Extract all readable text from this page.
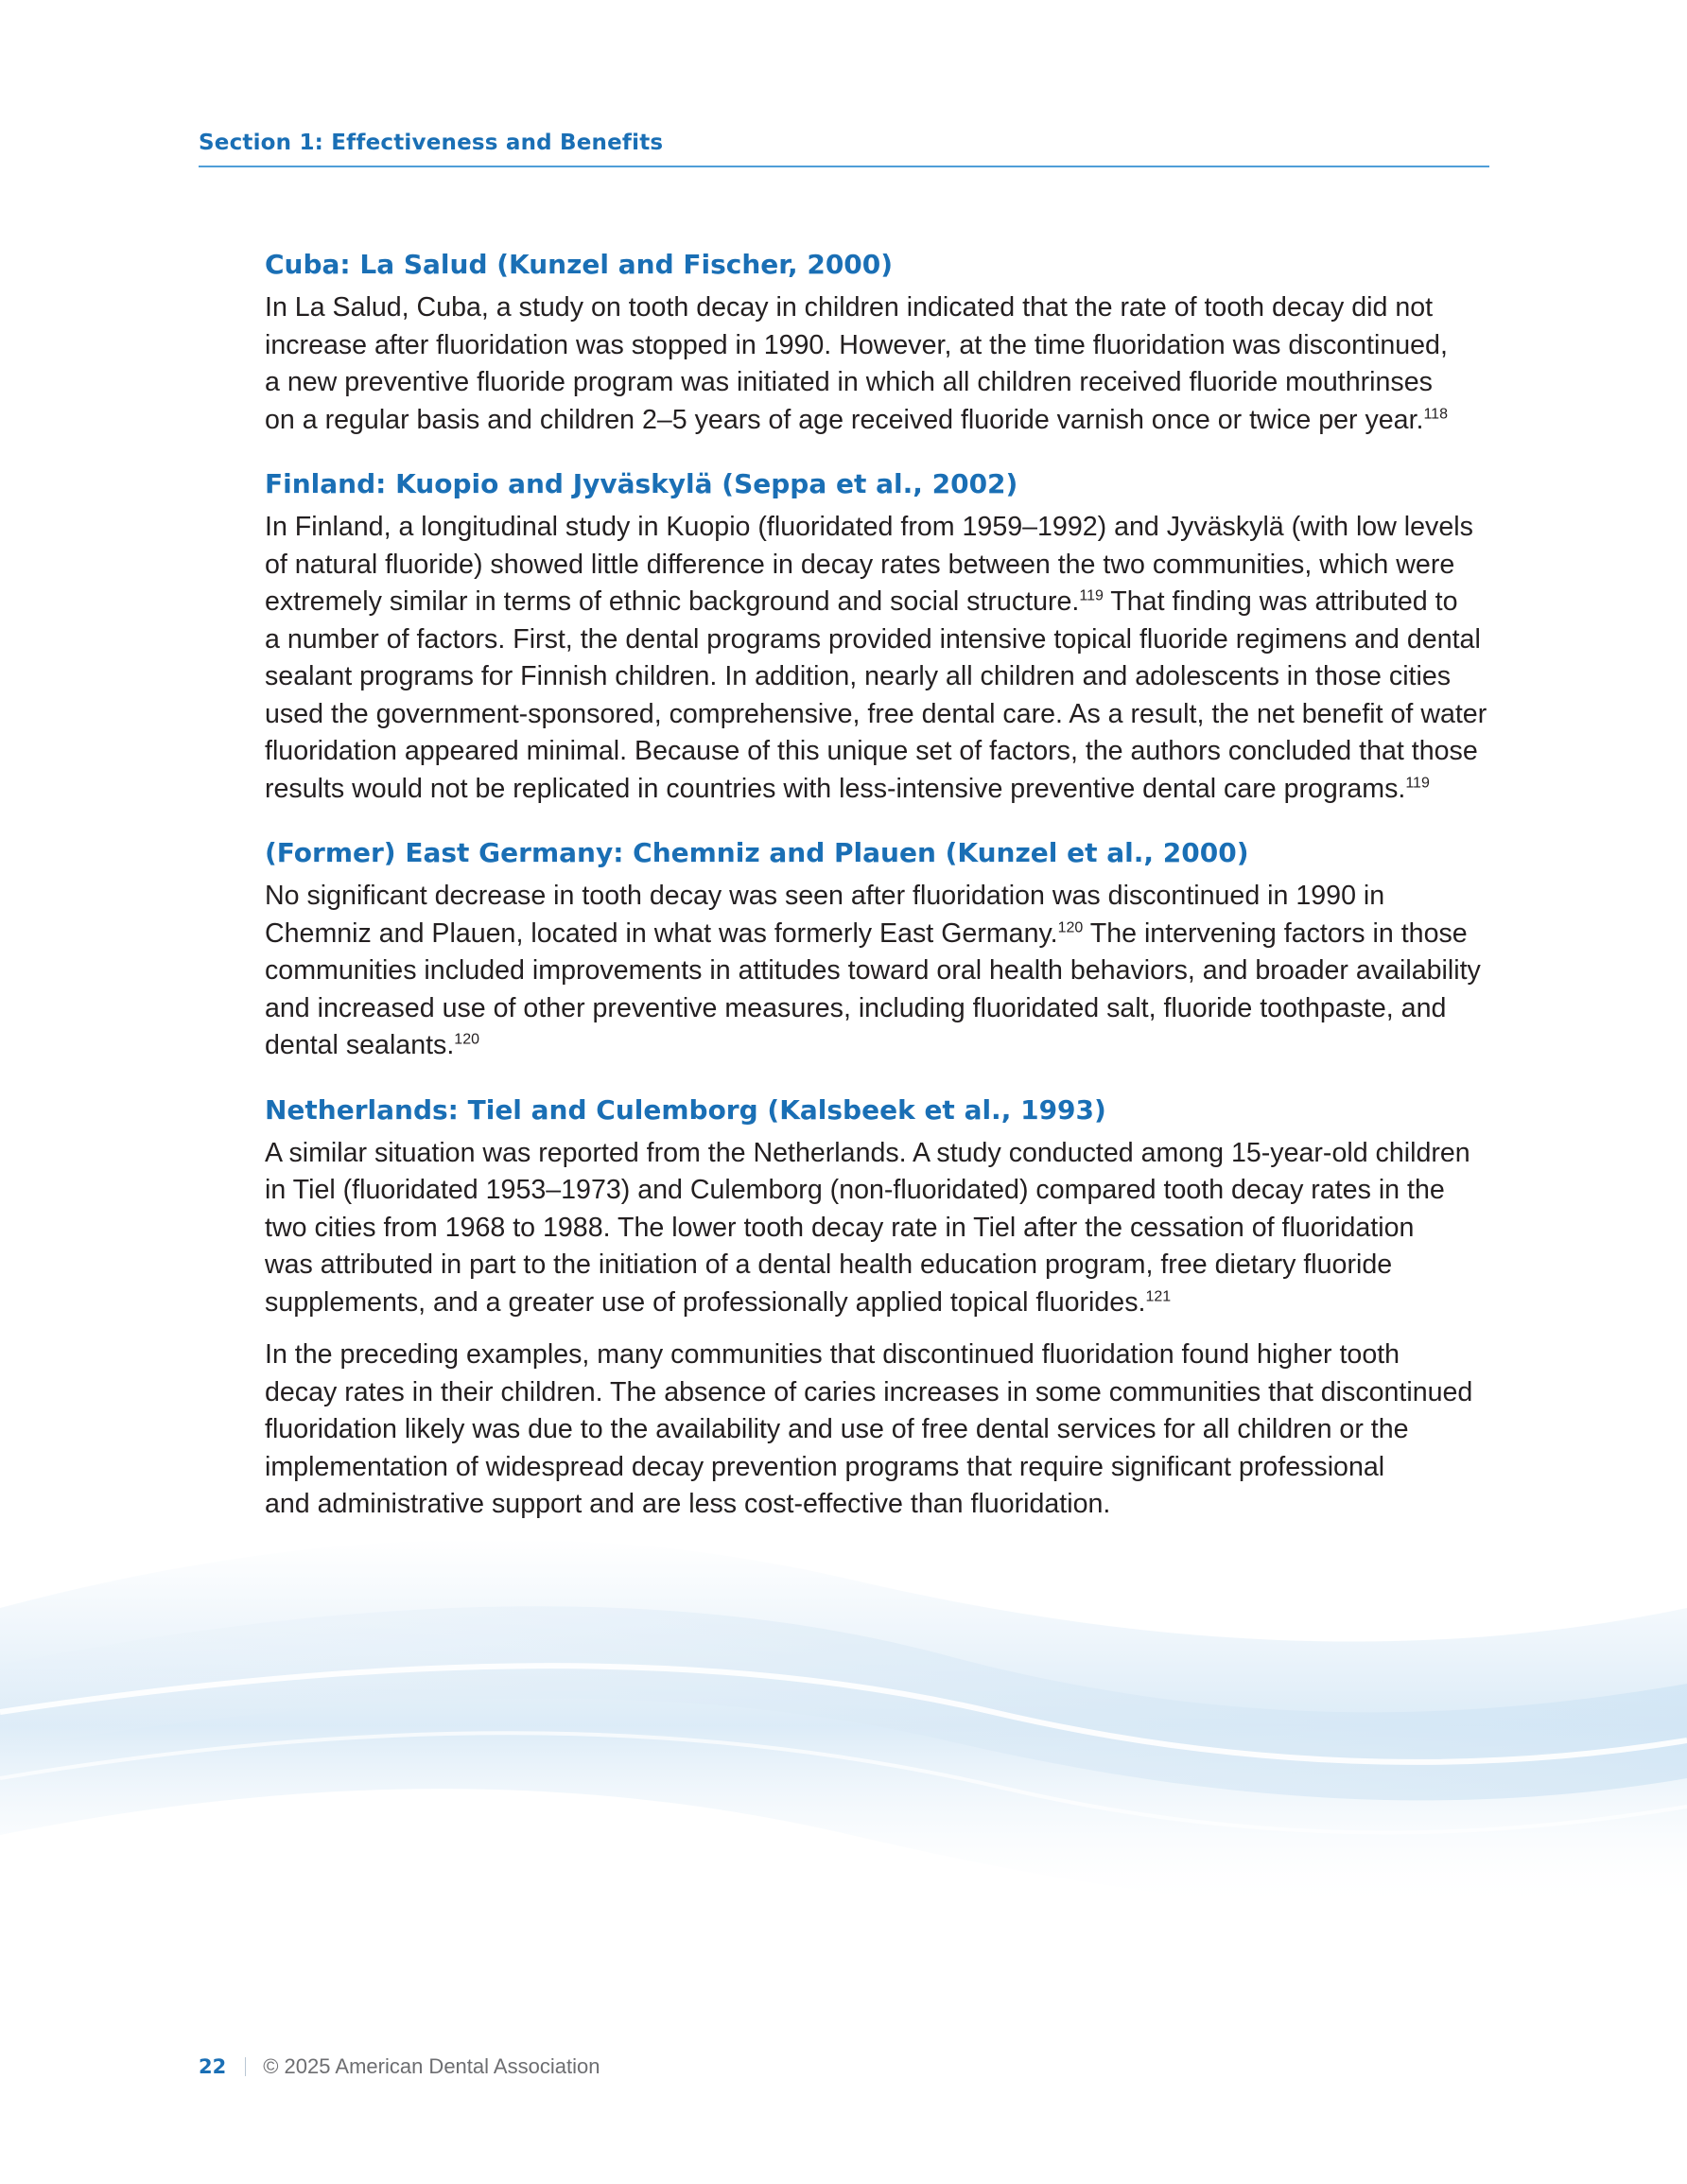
Section 1: Effectiveness and Benefits
Cuba: La Salud (Kunzel and Fischer, 2000)

In La Salud, Cuba, a study on tooth decay in children indicated that the rate of tooth decay did not
increase after fluoridation was stopped in 1990. However, at the time fluoridation was discontinued,
a new preventive fluoride program was initiated in which all children received fluoride mouthrinses
on a regular basis and children 2–5 years of age received fluoride varnish once or twice per year.$^{118}$

Finland: Kuopio and Jyväskylä (Seppa et al., 2002)

In Finland, a longitudinal study in Kuopio (fluoridated from 1959–1992) and Jyväskylä (with low levels
of natural fluoride) showed little difference in decay rates between the two communities, which were
extremely similar in terms of ethnic background and social structure.$^{119}$ That finding was attributed to
a number of factors. First, the dental programs provided intensive topical fluoride regimens and dental
sealant programs for Finnish children. In addition, nearly all children and adolescents in those cities
used the government-sponsored, comprehensive, free dental care. As a result, the net benefit of water
fluoridation appeared minimal. Because of this unique set of factors, the authors concluded that those
results would not be replicated in countries with less-intensive preventive dental care programs.$^{119}$

(Former) East Germany: Chemniz and Plauen (Kunzel et al., 2000)

No significant decrease in tooth decay was seen after fluoridation was discontinued in 1990 in
Chemniz and Plauen, located in what was formerly East Germany.$^{120}$ The intervening factors in those
communities included improvements in attitudes toward oral health behaviors, and broader availability
and increased use of other preventive measures, including fluoridated salt, fluoride toothpaste, and
dental sealants.$^{120}$

Netherlands: Tiel and Culemborg (Kalsbeek et al., 1993)

A similar situation was reported from the Netherlands. A study conducted among 15-year-old children
in Tiel (fluoridated 1953–1973) and Culemborg (non-fluoridated) compared tooth decay rates in the
two cities from 1968 to 1988. The lower tooth decay rate in Tiel after the cessation of fluoridation
was attributed in part to the initiation of a dental health education program, free dietary fluoride
supplements, and a greater use of professionally applied topical fluorides.$^{121}$

In the preceding examples, many communities that discontinued fluoridation found higher tooth
decay rates in their children. The absence of caries increases in some communities that discontinued
fluoridation likely was due to the availability and use of free dental services for all children or the
implementation of widespread decay prevention programs that require significant professional
and administrative support and are less cost-effective than fluoridation.

22 © 2025 American Dental Association
